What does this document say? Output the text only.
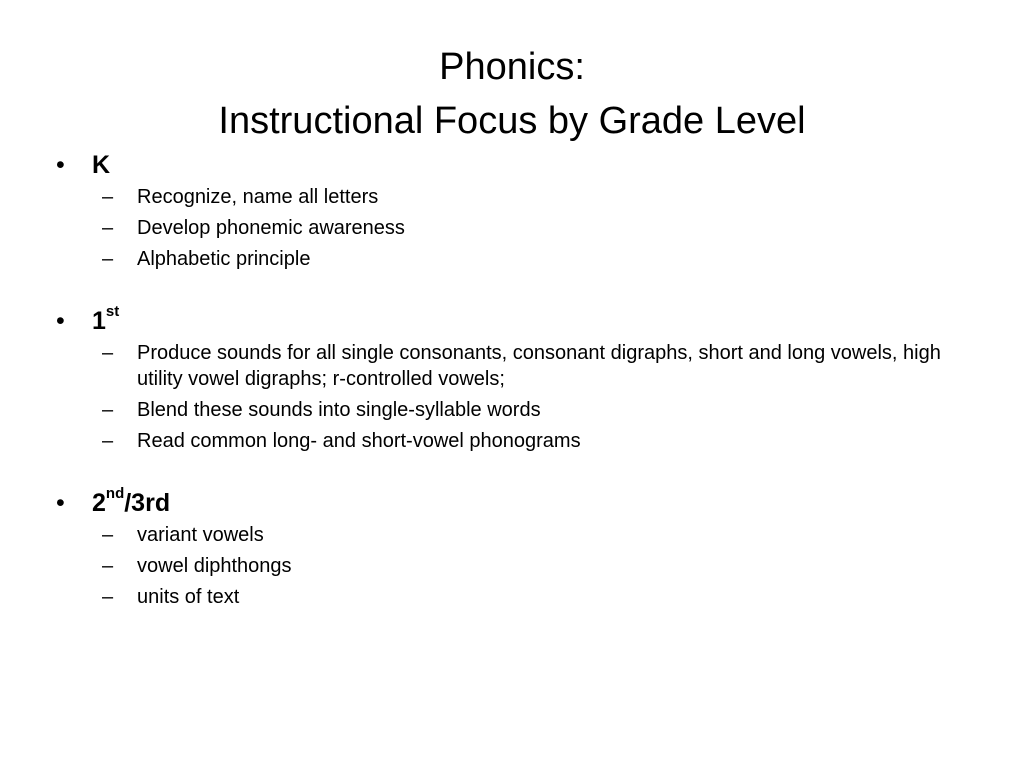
Phonics:
Instructional Focus by Grade Level
• K
– Recognize, name all letters
– Develop phonemic awareness
– Alphabetic principle
• 1st
– Produce sounds for all single consonants, consonant digraphs, short and long vowels, high utility vowel digraphs; r-controlled vowels;
– Blend these sounds into single-syllable words
– Read common long- and short-vowel phonograms
• 2nd/3rd
– variant vowels
– vowel diphthongs
– units of text
